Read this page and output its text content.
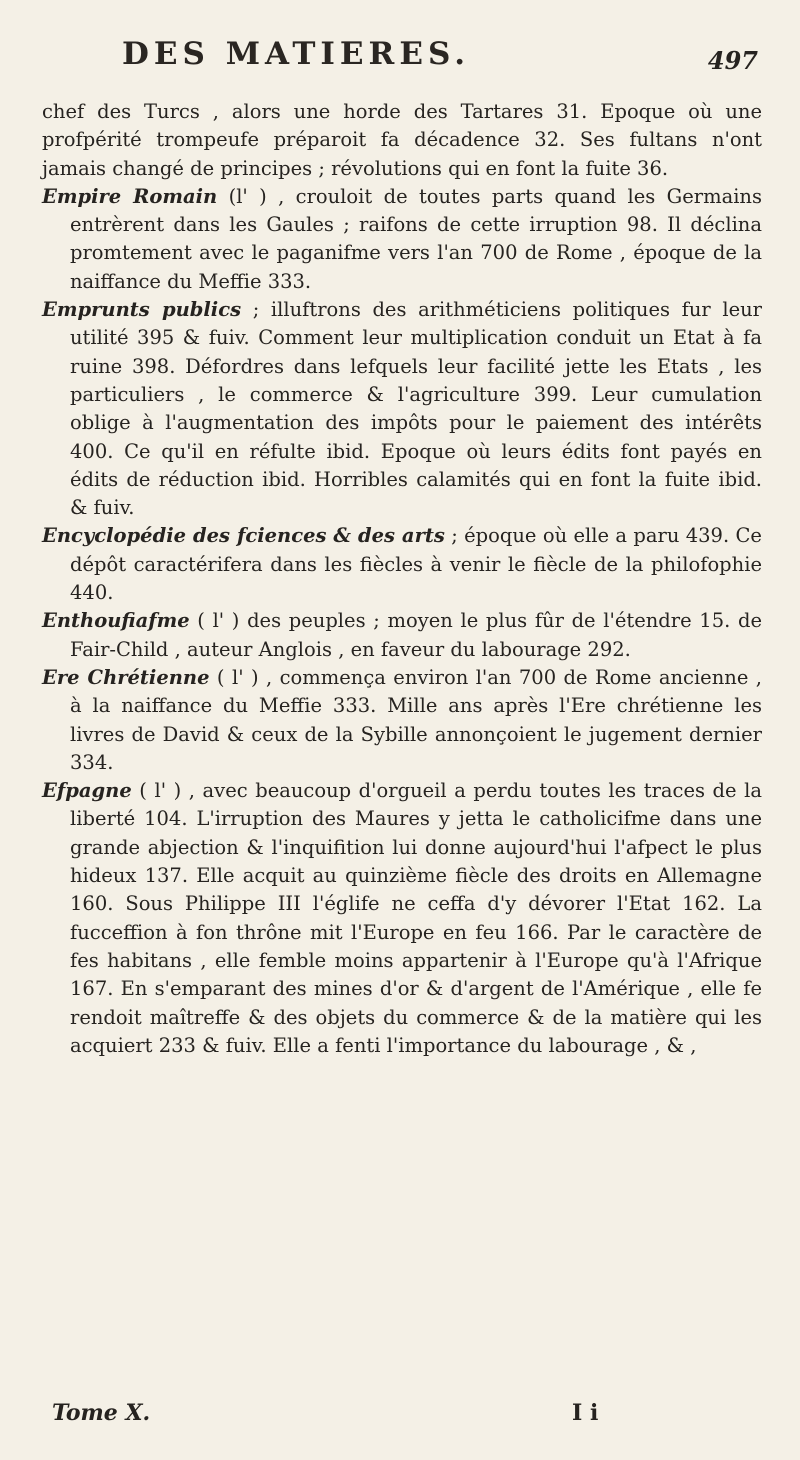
DES MATIERES.	497

chef des Turcs , alors une horde des Tartares 31. Epoque où une profpérité trompeufe préparoit fa décadence 32. Ses fultans n'ont jamais changé de principes ; révolutions qui en font la fuite 36.

Empire Romain (l' ) , crouloit de toutes parts quand les Germains entrèrent dans les Gaules ; raifons de cette irruption 98. Il déclina promtement avec le paganifme vers l'an 700 de Rome , époque de la naiffance du Meffie 333.

Emprunts publics ; illuftrons des arithméticiens politiques fur leur utilité 395 & fuiv. Comment leur multiplication conduit un Etat à fa ruine 398. Défordres dans lefquels leur facilité jette les Etats , les particuliers , le commerce & l'agriculture 399. Leur cumulation oblige à l'augmentation des impôts pour le paiement des intérêts 400. Ce qu'il en réfulte ibid. Epoque où leurs édits font payés en édits de réduction ibid. Horribles calamités qui en font la fuite ibid. & fuiv.

Encyclopédie des fciences & des arts ; époque où elle a paru 439. Ce dépôt caractérifera dans les fiècles à venir le fiècle de la philofophie 440.

Enthoufiafme ( l' ) des peuples ; moyen le plus fûr de l'étendre 15. de Fair-Child , auteur Anglois , en faveur du labourage 292.

Ere Chrétienne ( l' ) , commença environ l'an 700 de Rome ancienne , à la naiffance du Meffie 333. Mille ans après l'Ere chrétienne les livres de David & ceux de la Sybille annonçoient le jugement dernier 334.

Efpagne ( l' ) , avec beaucoup d'orgueil a perdu toutes les traces de la liberté 104. L'irruption des Maures y jetta le catholicifme dans une grande abjection & l'inquifition lui donne aujourd'hui l'afpect le plus hideux 137. Elle acquit au quinzième fiècle des droits en Allemagne 160. Sous Philippe III l'églife ne ceffa d'y dévorer l'Etat 162. La fucceffion à fon thrône mit l'Europe en feu 166. Par le caractère de fes habitans , elle femble moins appartenir à l'Europe qu'à l'Afrique 167. En s'emparant des mines d'or & d'argent de l'Amérique , elle fe rendoit maîtreffe & des objets du commerce & de la matière qui les acquiert 233 & fuiv. Elle a fenti l'importance du labourage , & ,

Tome X.	I i
